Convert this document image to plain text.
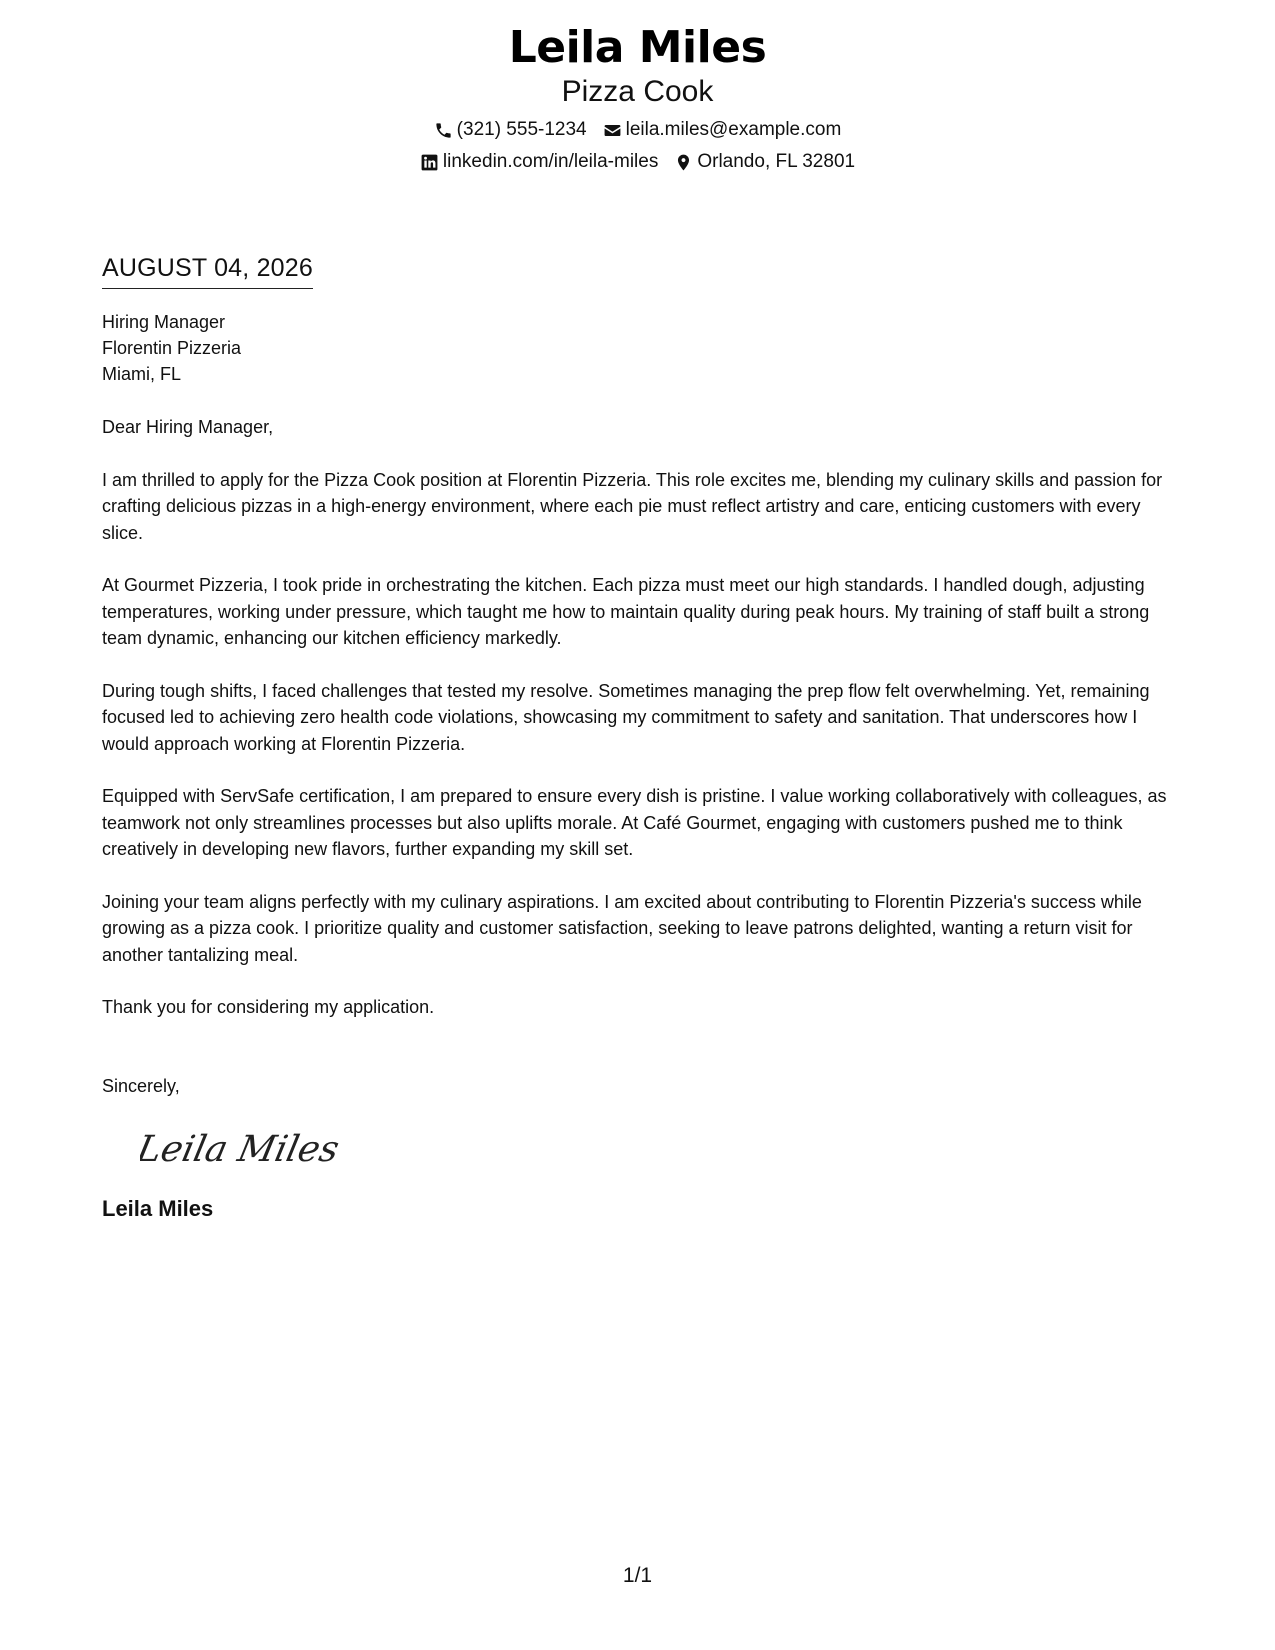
Leila Miles
Pizza Cook
(321) 555-1234 leila.miles@example.com
linkedin.com/in/leila-miles Orlando, FL 32801
AUGUST 04, 2026
Hiring Manager
Florentin Pizzeria
Miami, FL
Dear Hiring Manager,
I am thrilled to apply for the Pizza Cook position at Florentin Pizzeria. This role excites me, blending my culinary skills and passion for crafting delicious pizzas in a high-energy environment, where each pie must reflect artistry and care, enticing customers with every slice.
At Gourmet Pizzeria, I took pride in orchestrating the kitchen. Each pizza must meet our high standards. I handled dough, adjusting temperatures, working under pressure, which taught me how to maintain quality during peak hours. My training of staff built a strong team dynamic, enhancing our kitchen efficiency markedly.
During tough shifts, I faced challenges that tested my resolve. Sometimes managing the prep flow felt overwhelming. Yet, remaining focused led to achieving zero health code violations, showcasing my commitment to safety and sanitation. That underscores how I would approach working at Florentin Pizzeria.
Equipped with ServSafe certification, I am prepared to ensure every dish is pristine. I value working collaboratively with colleagues, as teamwork not only streamlines processes but also uplifts morale. At Café Gourmet, engaging with customers pushed me to think creatively in developing new flavors, further expanding my skill set.
Joining your team aligns perfectly with my culinary aspirations. I am excited about contributing to Florentin Pizzeria's success while growing as a pizza cook. I prioritize quality and customer satisfaction, seeking to leave patrons delighted, wanting a return visit for another tantalizing meal.
Thank you for considering my application.
Sincerely,
Leila Miles
Leila Miles
1/1
